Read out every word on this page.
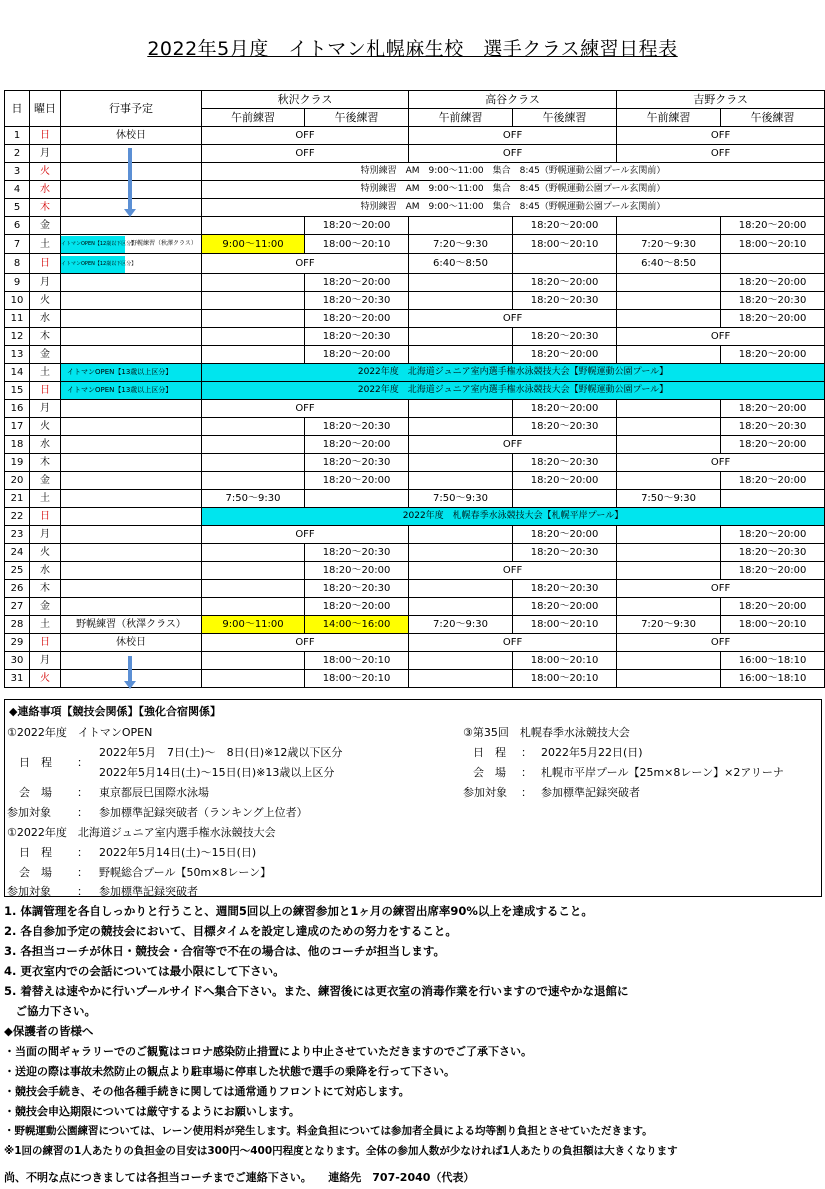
2022年5月度　イトマン札幌麻生校　選手クラス練習日程表
日	曜日	行事予定	秋沢クラス		高谷クラス		吉野クラス	
			午前練習	午後練習	午前練習	午後練習	午前練習	午後練習
1	日	休校日	OFF		OFF		OFF	
2	月		OFF		OFF		OFF	
3	火		特別練習　AM　9:00～11:00　集合　8:45（野幌運動公園プール玄関前）					
4	水		特別練習　AM　9:00～11:00　集合　8:45（野幌運動公園プール玄関前）					
5	木		特別練習　AM　9:00～11:00　集合　8:45（野幌運動公園プール玄関前）					
6	金			18:20～20:00		18:20～20:00		18:20～20:00
7	土	イトマンOPEN【12歳以下区分】野幌練習（秋澤クラス）	9:00～11:00	18:00～20:10	7:20～9:30	18:00～20:10	7:20～9:30	18:00～20:10
8	日	イトマンOPEN【12歳以下区分】	OFF		6:40～8:50		6:40～8:50	
9	月			18:20～20:00		18:20～20:00		18:20～20:00
10	火			18:20～20:30		18:20～20:30		18:20～20:30
11	水			18:20～20:00	OFF			18:20～20:00
12	木			18:20～20:30		18:20～20:30	OFF	
13	金			18:20～20:00		18:20～20:00		18:20～20:00
14	土	イトマンOPEN【13歳以上区分】	2022年度　北海道ジュニア室内選手権水泳競技大会【野幌運動公園プール】					
15	日	イトマンOPEN【13歳以上区分】	2022年度　北海道ジュニア室内選手権水泳競技大会【野幌運動公園プール】					
16	月		OFF			18:20～20:00		18:20～20:00
17	火			18:20～20:30		18:20～20:30		18:20～20:30
18	水			18:20～20:00	OFF			18:20～20:00
19	木			18:20～20:30		18:20～20:30	OFF	
20	金			18:20～20:00		18:20～20:00		18:20～20:00
21	土		7:50～9:30		7:50～9:30		7:50～9:30	
22	日		2022年度　札幌春季水泳競技大会【札幌平岸プール】					
23	月		OFF			18:20～20:00		18:20～20:00
24	火			18:20～20:30		18:20～20:30		18:20～20:30
25	水			18:20～20:00	OFF			18:20～20:00
26	木			18:20～20:30		18:20～20:30	OFF	
27	金			18:20～20:00		18:20～20:00		18:20～20:00
28	土	野幌練習（秋澤クラス）	9:00～11:00	14:00～16:00	7:20～9:30	18:00～20:10	7:20～9:30	18:00～20:10
29	日	休校日	OFF		OFF		OFF	
30	月			18:00～20:10		18:00～20:10		16:00～18:10
31	火			18:00～20:10		18:00～20:10		16:00～18:10
◆連絡事項【競技会関係】【強化合宿関係】
①2022年度　イトマンOPEN
日　程 ：
2022年5月　7日(土)～　8日(日)※12歳以下区分
2022年5月14日(土)～15日(日)※13歳以上区分
会　場 ： 東京都辰巳国際水泳場
参加対象 ： 参加標準記録突破者（ランキング上位者）
①2022年度　北海道ジュニア室内選手権水泳競技大会
日　程 ： 2022年5月14日(土)～15日(日)
会　場 ： 野幌総合プール【50m×8レーン】
参加対象 ： 参加標準記録突破者
③第35回　札幌春季水泳競技大会
日　程 ： 2022年5月22日(日)
会　場 ： 札幌市平岸プール【25m×8レーン】×2アリーナ
参加対象 ： 参加標準記録突破者
1. 体調管理を各自しっかりと行うこと、週間5回以上の練習参加と1ヶ月の練習出席率90%以上を達成すること。
2. 各自参加予定の競技会において、目標タイムを設定し達成のための努力をすること。
3. 各担当コーチが休日・競技会・合宿等で不在の場合は、他のコーチが担当します。
4. 更衣室内での会話については最小限にして下さい。
5. 着替えは速やかに行いプールサイドへ集合下さい。また、練習後には更衣室の消毒作業を行いますので速やかな退館に
　ご協力下さい。
◆保護者の皆様へ
・当面の間ギャラリーでのご観覧はコロナ感染防止措置により中止させていただきますのでご了承下さい。
・送迎の際は事故未然防止の観点より駐車場に停車した状態で選手の乗降を行って下さい。
・競技会手続き、その他各種手続きに関しては通常通りフロントにて対応します。
・競技会申込期限については厳守するようにお願いします。
・野幌運動公園練習については、レーン使用料が発生します。料金負担については参加者全員による均等割り負担とさせていただきます。
※1回の練習の1人あたりの負担金の目安は300円～400円程度となります。全体の参加人数が少なければ1人あたりの負担額は大きくなります
尚、不明な点につきましては各担当コーチまでご連絡下さい。　　連絡先　707-2040（代表）
